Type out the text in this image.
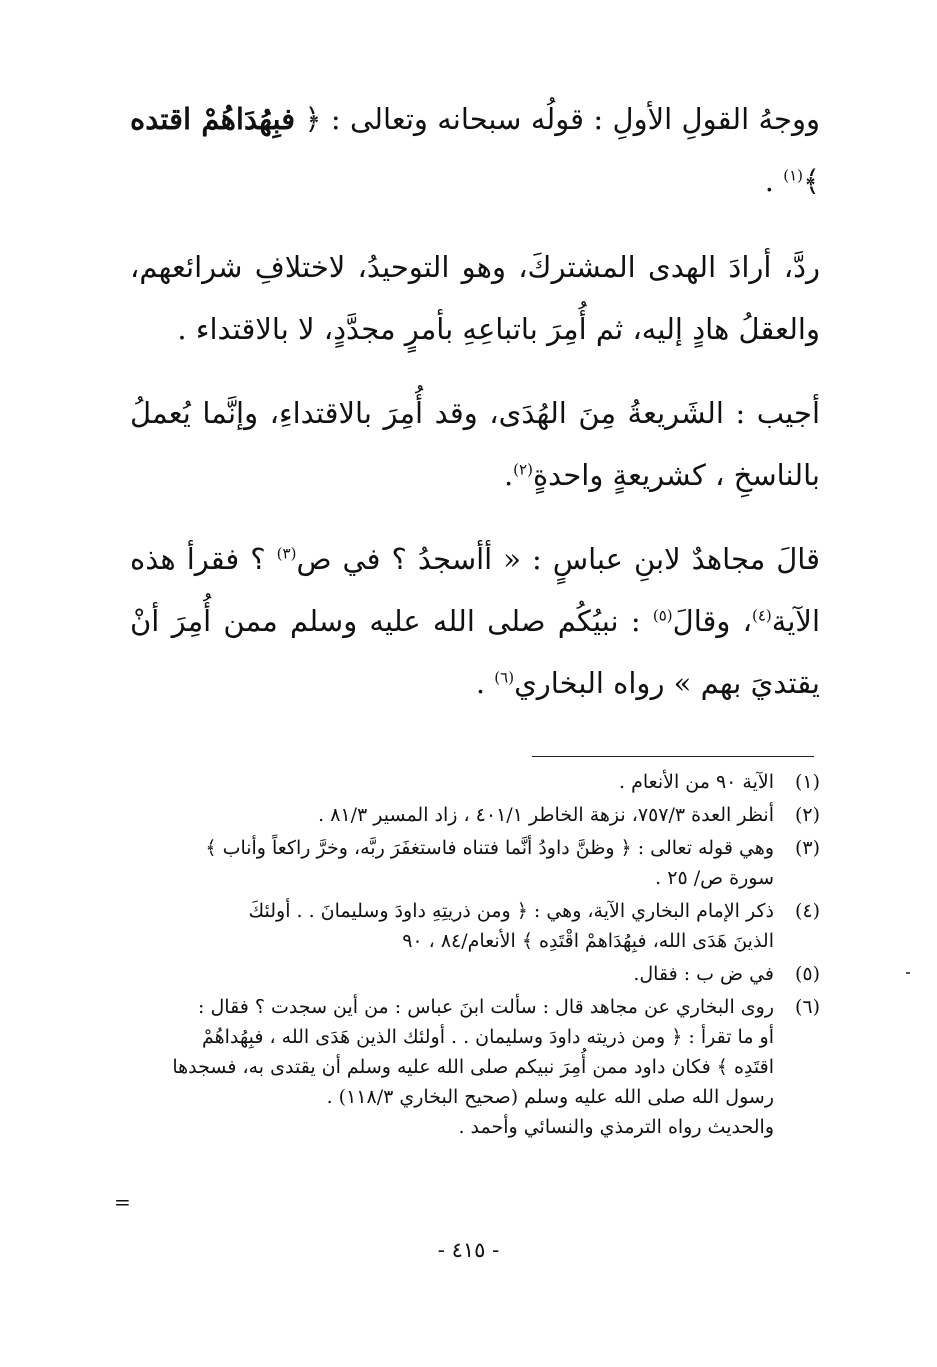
ووجهُ القولِ الأولِ : قولُه سبحانه وتعالى : ﴿ فبِهُدَاهُمْ اقتده ﴾$^{(١)}$ .

ردَّ، أرادَ الهدى المشتركَ، وهو التوحيدُ، لاختلافِ شرائعهم، والعقلُ هادٍ إليه، ثم أُمِرَ باتباعِهِ بأمرٍ مجدَّدٍ، لا بالاقتداء .

أجيب : الشَريعةُ مِنَ الهُدَى، وقد أُمِرَ بالاقتداءِ، وإنَّما يُعملُ بالناسخِ ، كشريعةٍ واحدةٍ$^{(٢)}$.

قالَ مجاهدٌ لابنِ عباسٍ : « أأسجدُ ؟ في ص$^{(٣)}$ ؟ فقرأ هذه الآية$^{(٤)}$، وقالَ$^{(٥)}$ : نبيُكُم صلى الله عليه وسلم ممن أُمِرَ أنْ يقتديَ بهم » رواه البخاري$^{(٦)}$ .

(١)
الآية ٩٠ من الأنعام .
(٢)
أنظر العدة ٧٥٧/٣، نزهة الخاطر ٤٠١/١ ، زاد المسير ٨١/٣ .
(٣)
وهي قوله تعالى : ﴿ وظنَّ داودُ أنَّما فتناه فاستغفَرَ ربَّه، وخرَّ راكعاً وأناب ﴾
سورة ص/ ٢٥ .
(٤)
ذكر الإمام البخاري الآية، وهي : ﴿ ومن ذريتِهِ داودَ وسليمانَ . . أولئكَ
الذينَ هَدَى الله، فبِهُدَاهمْ اقْتَدِه ﴾ الأنعام/٨٤ ، ٩٠
(٥)
في ض ب : فقال.
(٦)
روى البخاري عن مجاهد قال : سألت ابنَ عباس : من أين سجدت ؟ فقال :
أو ما تقرأ : ﴿ ومن ذريته داودَ وسليمان . . أولئك الذين هَدَى الله ، فبِهُداهُمْ
اقتَدِه ﴾ فكان داود ممن أُمِرَ نبيكم صلى الله عليه وسلم أن يقتدى به، فسجدها
رسول الله صلى الله عليه وسلم (صحيح البخاري ١١٨/٣) .
والحديث رواه الترمذي والنسائي وأحمد .
=
- ٤١٥ -
